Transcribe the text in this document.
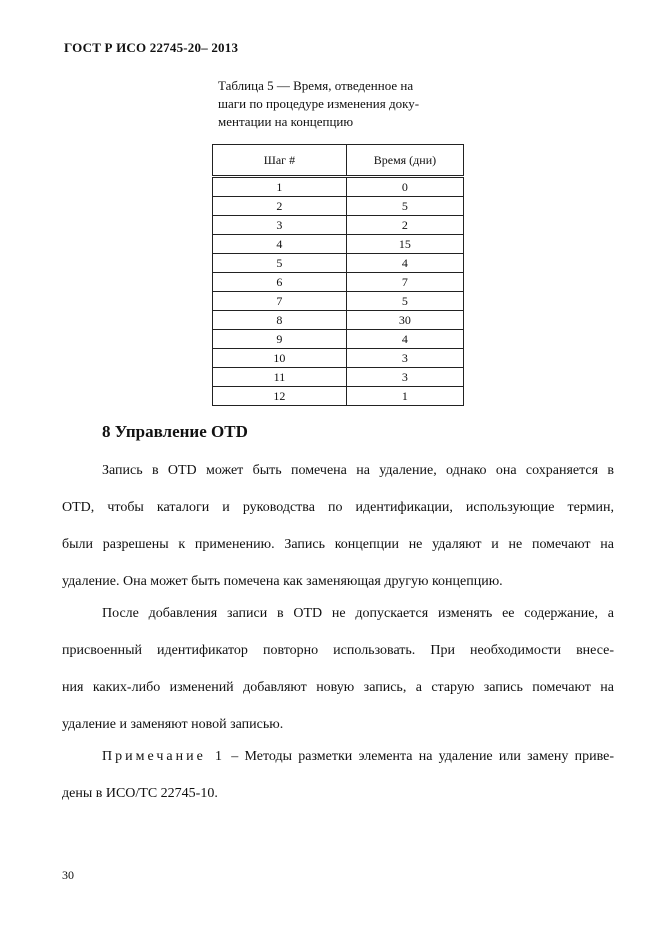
ГОСТ Р ИСО 22745-20– 2013
Таблица 5 — Время, отведенное на
шаги по процедуре изменения доку-
ментации на концепцию
Шаг #	Время (дни)
1	0
2	5
3	2
4	15
5	4
6	7
7	5
8	30
9	4
10	3
11	3
12	1
8 Управление OTD
Запись в OTD может быть помечена на удаление, однако она сохраняется в
OTD, чтобы каталоги и руководства по идентификации, использующие термин,
были разрешены к применению. Запись концепции не удаляют и не помечают на
удаление. Она может быть помечена как заменяющая другую концепцию.
После добавления записи в OTD не допускается изменять ее содержание, а
присвоенный идентификатор повторно использовать. При необходимости внесе-
ния каких-либо изменений добавляют новую запись, а старую запись помечают на
удаление и заменяют новой записью.
Примечание 1 – Методы разметки элемента на удаление или замену приве-
дены в ИСО/ТС 22745-10.
30
